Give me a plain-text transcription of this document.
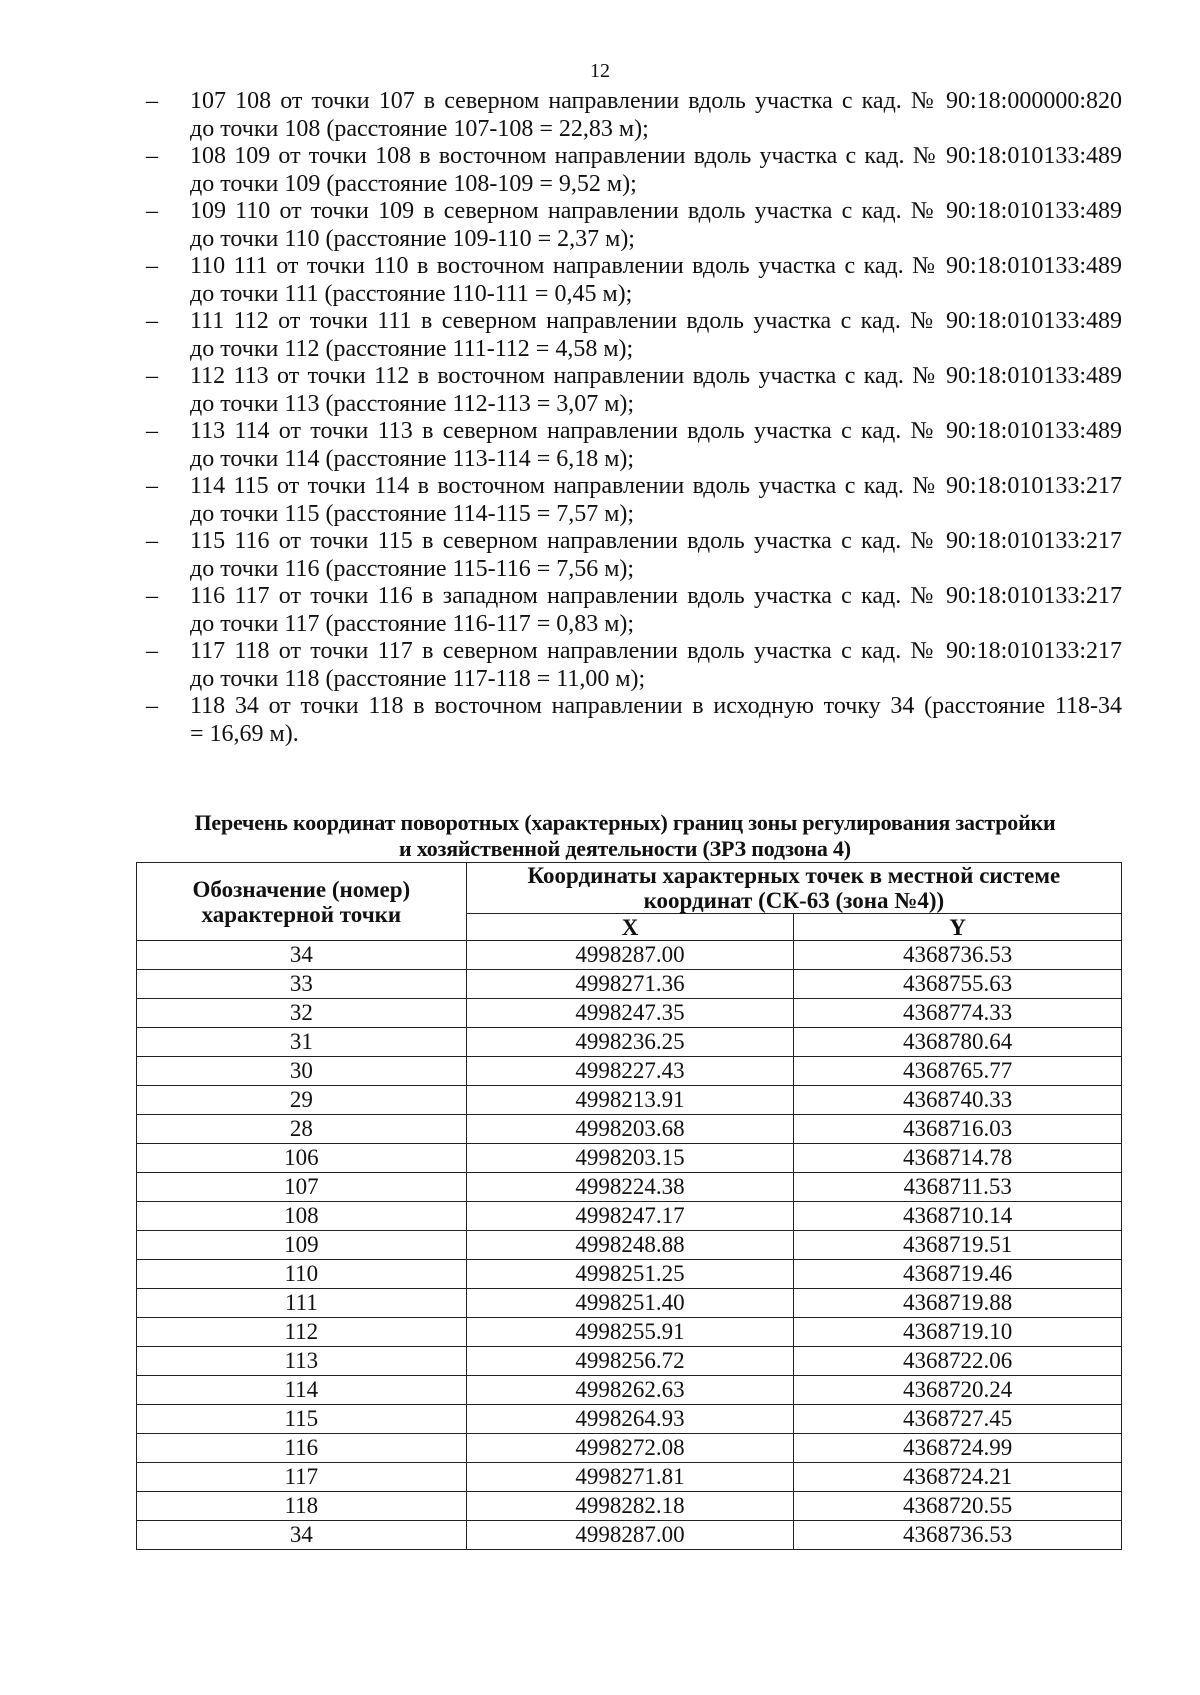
12
–	107 108 от точки 107 в северном направлении вдоль участка с кад. № 90:18:000000:820
до точки 108 (расстояние 107-108 = 22,83 м);
–	108 109 от точки 108 в восточном направлении вдоль участка с кад. № 90:18:010133:489
до точки 109 (расстояние 108-109 = 9,52 м);
–	109 110 от точки 109 в северном направлении вдоль участка с кад. № 90:18:010133:489
до точки 110 (расстояние 109-110 = 2,37 м);
–	110 111 от точки 110 в восточном направлении вдоль участка с кад. № 90:18:010133:489
до точки 111 (расстояние 110-111 = 0,45 м);
–	111 112 от точки 111 в северном направлении вдоль участка с кад. № 90:18:010133:489
до точки 112 (расстояние 111-112 = 4,58 м);
–	112 113 от точки 112 в восточном направлении вдоль участка с кад. № 90:18:010133:489
до точки 113 (расстояние 112-113 = 3,07 м);
–	113 114 от точки 113 в северном направлении вдоль участка с кад. № 90:18:010133:489
до точки 114 (расстояние 113-114 = 6,18 м);
–	114 115 от точки 114 в восточном направлении вдоль участка с кад. № 90:18:010133:217
до точки 115 (расстояние 114-115 = 7,57 м);
–	115 116 от точки 115 в северном направлении вдоль участка с кад. № 90:18:010133:217
до точки 116 (расстояние 115-116 = 7,56 м);
–	116 117 от точки 116 в западном направлении вдоль участка с кад. № 90:18:010133:217
до точки 117 (расстояние 116-117 = 0,83 м);
–	117 118 от точки 117 в северном направлении вдоль участка с кад. № 90:18:010133:217
до точки 118 (расстояние 117-118 = 11,00 м);
–	118 34 от точки 118 в восточном направлении в исходную точку 34 (расстояние 118-34
= 16,69 м).
Перечень координат поворотных (характерных) границ зоны регулирования застройки
и хозяйственной деятельности (ЗРЗ подзона 4)
Обозначение (номер) характерной точки	Координаты характерных точек в местной системе координат (СК-63 (зона №4))	
	X	Y
34	4998287.00	4368736.53
33	4998271.36	4368755.63
32	4998247.35	4368774.33
31	4998236.25	4368780.64
30	4998227.43	4368765.77
29	4998213.91	4368740.33
28	4998203.68	4368716.03
106	4998203.15	4368714.78
107	4998224.38	4368711.53
108	4998247.17	4368710.14
109	4998248.88	4368719.51
110	4998251.25	4368719.46
111	4998251.40	4368719.88
112	4998255.91	4368719.10
113	4998256.72	4368722.06
114	4998262.63	4368720.24
115	4998264.93	4368727.45
116	4998272.08	4368724.99
117	4998271.81	4368724.21
118	4998282.18	4368720.55
34	4998287.00	4368736.53
